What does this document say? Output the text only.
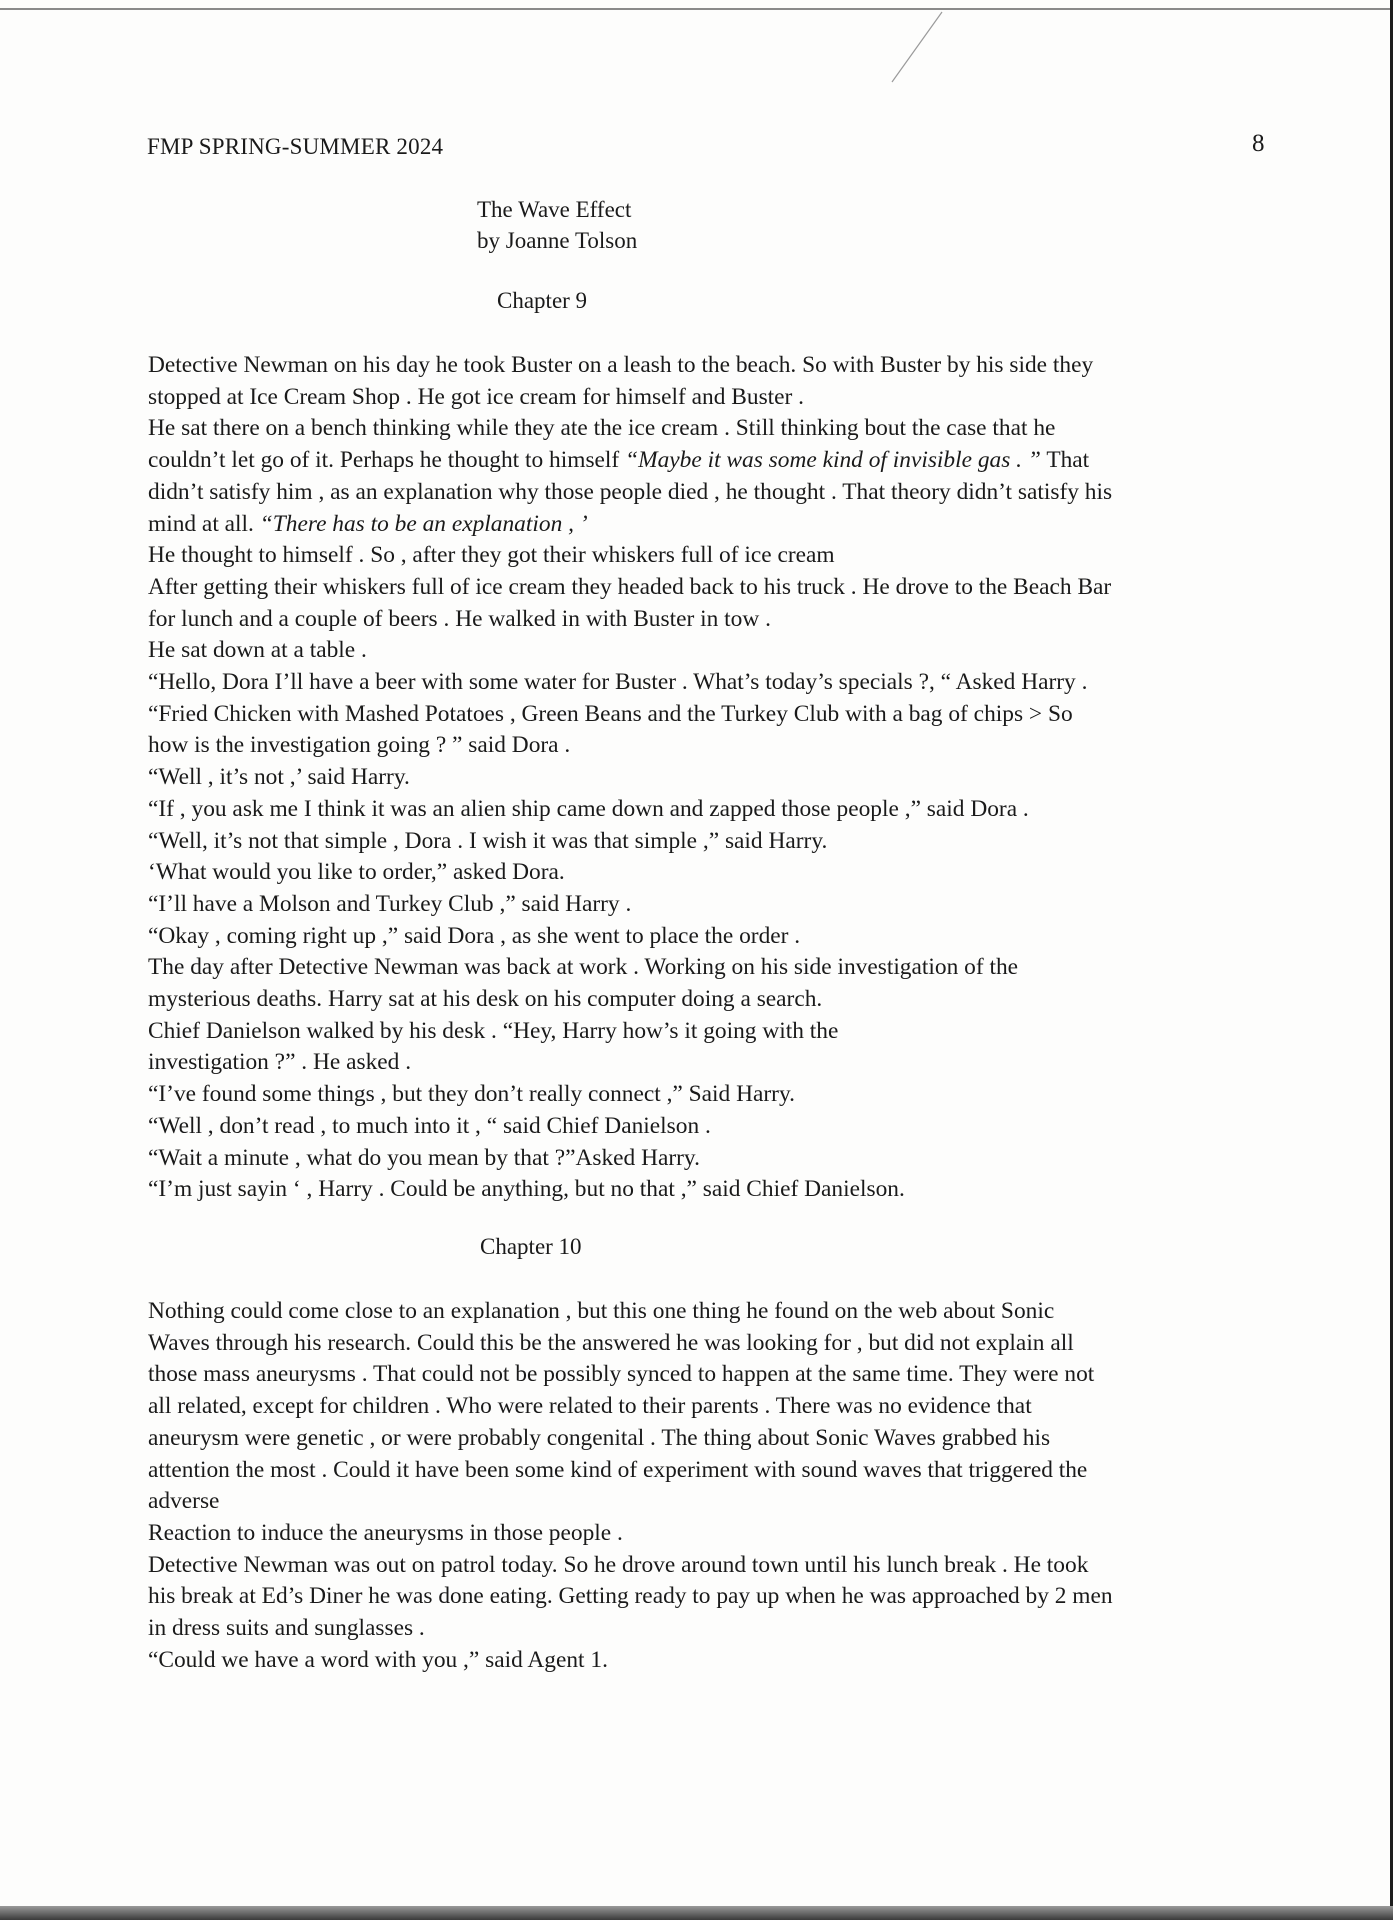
FMP SPRING-SUMMER 2024	8
The Wave Effect
by Joanne Tolson
Chapter 9
Detective Newman on his day he took Buster on a leash to the beach. So with Buster by his side they
stopped at Ice Cream Shop . He got ice cream for himself and Buster .
He sat there on a bench thinking while they ate the ice cream . Still thinking bout the case that he
couldn’t let go of it. Perhaps he thought to himself “Maybe it was some kind of invisible gas . ” That
didn’t satisfy him , as an explanation why those people died , he thought . That theory didn’t satisfy his
mind at all. “There has to be an explanation , ’
He thought to himself . So , after they got their whiskers full of ice cream
After getting their whiskers full of ice cream they headed back to his truck . He drove to the Beach Bar
for lunch and a couple of beers . He walked in with Buster in tow .
He sat down at a table .
“Hello, Dora I’ll have a beer with some water for Buster . What’s today’s specials ?, “ Asked Harry .
“Fried Chicken with Mashed Potatoes , Green Beans and the Turkey Club with a bag of chips > So
how is the investigation going ? ” said Dora .
“Well , it’s not ,’ said Harry.
“If , you ask me I think it was an alien ship came down and zapped those people ,” said Dora .
“Well, it’s not that simple , Dora . I wish it was that simple ,” said Harry.
‘What would you like to order,” asked Dora.
“I’ll have a Molson and Turkey Club ,” said Harry .
“Okay , coming right up ,” said Dora , as she went to place the order .
The day after Detective Newman was back at work . Working on his side investigation of the
mysterious deaths. Harry sat at his desk on his computer doing a search.
Chief Danielson walked by his desk . “Hey, Harry how’s it going with the
investigation ?” . He asked .
“I’ve found some things , but they don’t really connect ,” Said Harry.
“Well , don’t read , to much into it , “ said Chief Danielson .
“Wait a minute , what do you mean by that ?”Asked Harry.
“I’m just sayin ‘ , Harry . Could be anything, but no that ,” said Chief Danielson.
Chapter 10
Nothing could come close to an explanation , but this one thing he found on the web about Sonic
Waves through his research. Could this be the answered he was looking for , but did not explain all
those mass aneurysms . That could not be possibly synced to happen at the same time. They were not
all related, except for children . Who were related to their parents . There was no evidence that
aneurysm were genetic , or were probably congenital . The thing about Sonic Waves grabbed his
attention the most . Could it have been some kind of experiment with sound waves that triggered the
adverse
Reaction to induce the aneurysms in those people .
Detective Newman was out on patrol today. So he drove around town until his lunch break . He took
his break at Ed’s Diner he was done eating. Getting ready to pay up when he was approached by 2 men
in dress suits and sunglasses .
“Could we have a word with you ,” said Agent 1.
